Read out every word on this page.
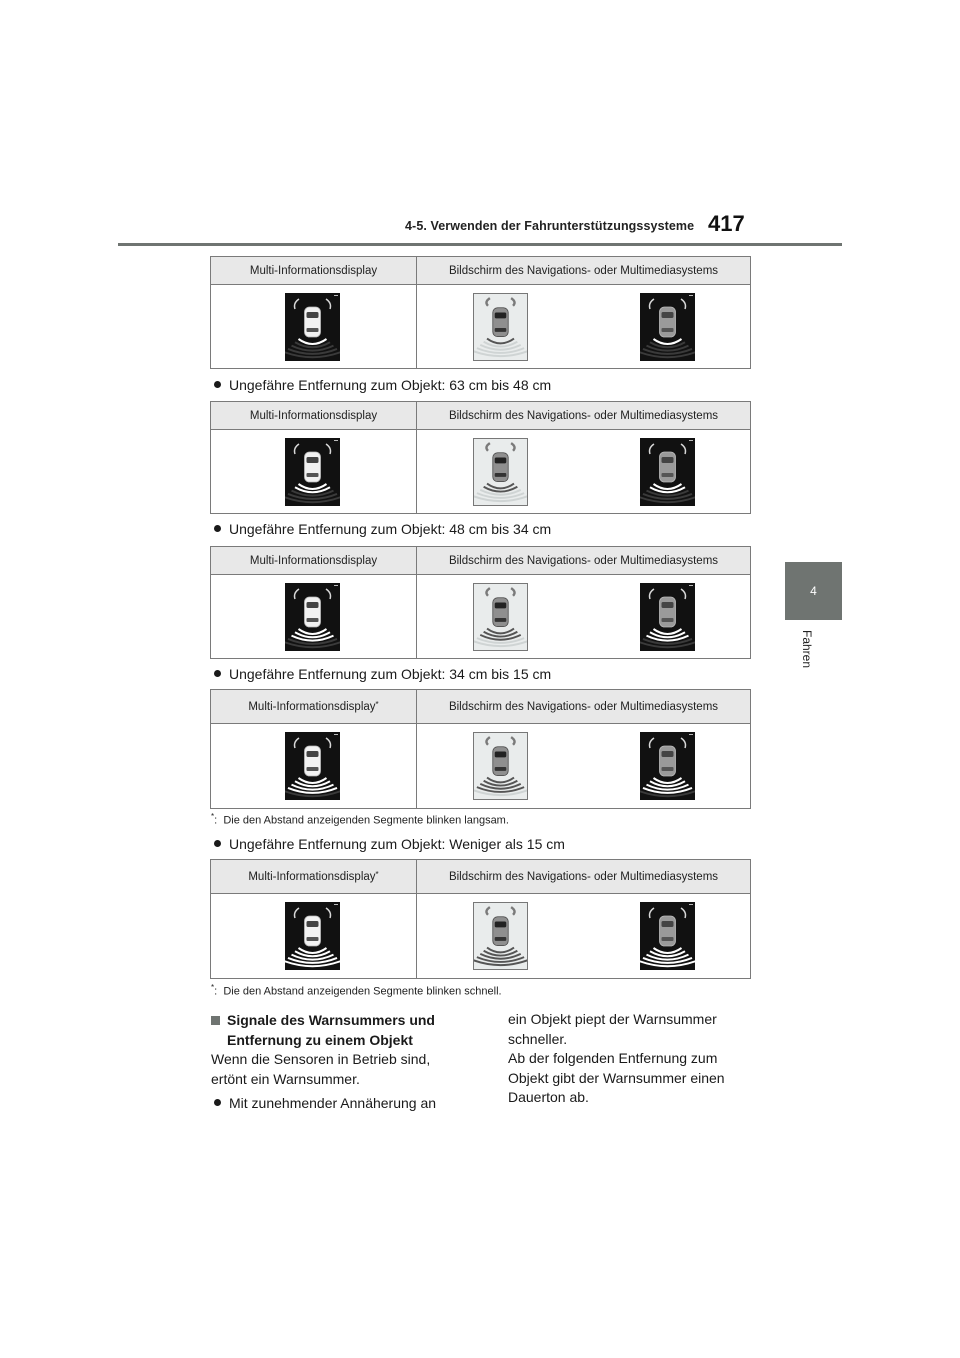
4-5. Verwenden der Fahrunterstützungssysteme 417
4
Fahren
Multi-Informationsdisplay	Bildschirm des Navigations- oder Multimediasystems
Ungefähre Entfernung zum Objekt: 63 cm bis 48 cm
Multi-Informationsdisplay	Bildschirm des Navigations- oder Multimediasystems
Ungefähre Entfernung zum Objekt: 48 cm bis 34 cm
Multi-Informationsdisplay	Bildschirm des Navigations- oder Multimediasystems
Ungefähre Entfernung zum Objekt: 34 cm bis 15 cm
Multi-Informationsdisplay*	Bildschirm des Navigations- oder Multimediasystems
*: Die den Abstand anzeigenden Segmente blinken langsam.
Ungefähre Entfernung zum Objekt: Weniger als 15 cm
Multi-Informationsdisplay*	Bildschirm des Navigations- oder Multimediasystems
*: Die den Abstand anzeigenden Segmente blinken schnell.
Signale des Warnsummers und
Entfernung zu einem Objekt
Wenn die Sensoren in Betrieb sind,
ertönt ein Warnsummer.
Mit zunehmender Annäherung an
ein Objekt piept der Warnsummer
schneller.
Ab der folgenden Entfernung zum
Objekt gibt der Warnsummer einen
Dauerton ab.
